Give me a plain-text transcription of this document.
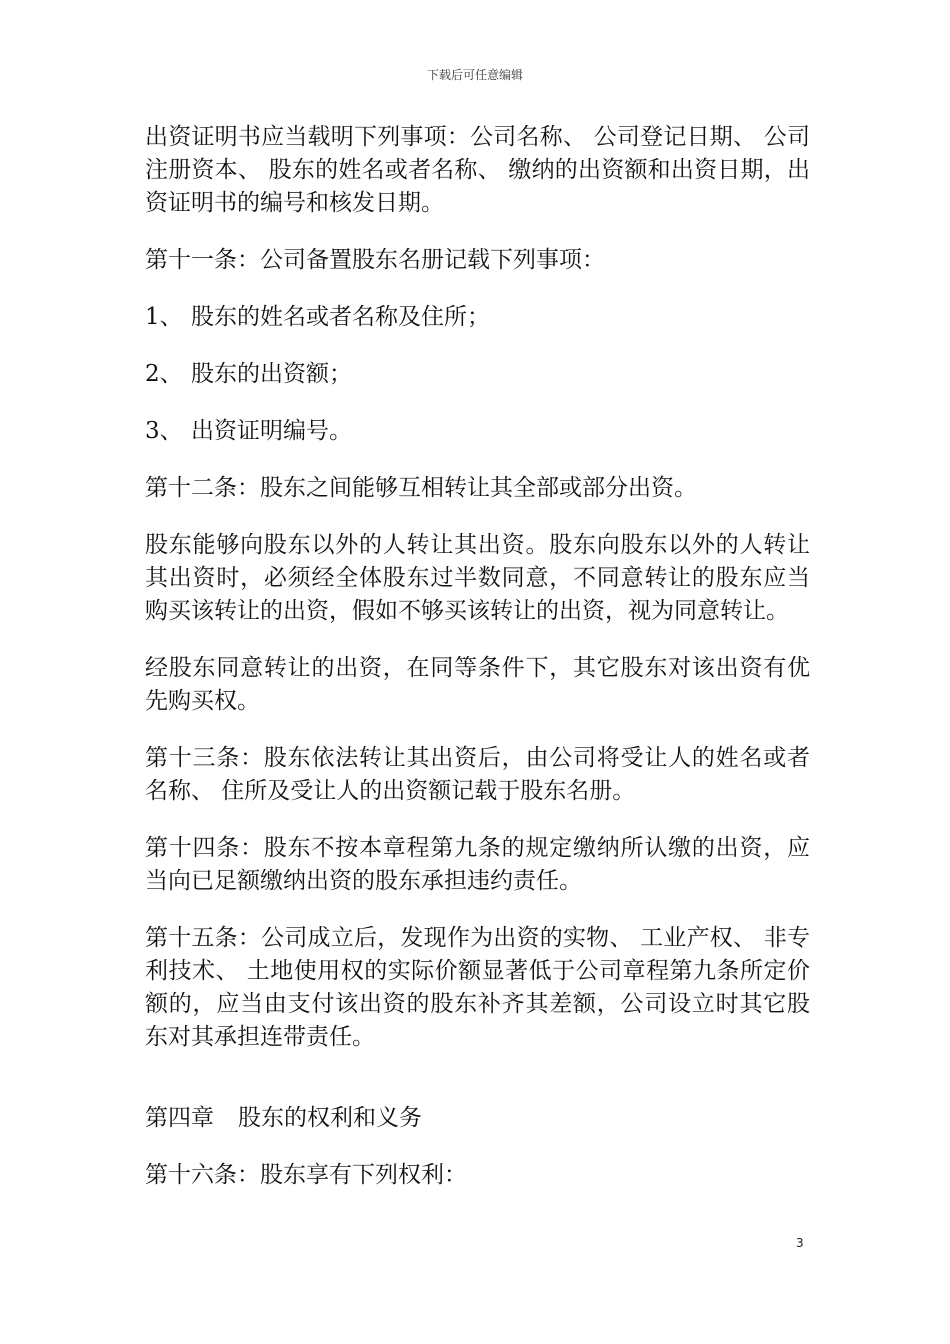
下载后可任意编辑

出资证明书应当载明下列事项：公司名称、 公司登记日期、 公司注册资本、 股东的姓名或者名称、 缴纳的出资额和出资日期，出资证明书的编号和核发日期。

第十一条：公司备置股东名册记载下列事项：

1、 股东的姓名或者名称及住所；

2、 股东的出资额；

3、 出资证明编号。

第十二条：股东之间能够互相转让其全部或部分出资。

股东能够向股东以外的人转让其出资。股东向股东以外的人转让其出资时，必须经全体股东过半数同意，不同意转让的股东应当购买该转让的出资，假如不够买该转让的出资，视为同意转让。

经股东同意转让的出资，在同等条件下，其它股东对该出资有优先购买权。

第十三条：股东依法转让其出资后，由公司将受让人的姓名或者名称、 住所及受让人的出资额记载于股东名册。

第十四条：股东不按本章程第九条的规定缴纳所认缴的出资，应当向已足额缴纳出资的股东承担违约责任。

第十五条：公司成立后，发现作为出资的实物、 工业产权、 非专利技术、 土地使用权的实际价额显著低于公司章程第九条所定价额的，应当由支付该出资的股东补齐其差额，公司设立时其它股东对其承担连带责任。

第四章 股东的权利和义务

第十六条：股东享有下列权利：

3
